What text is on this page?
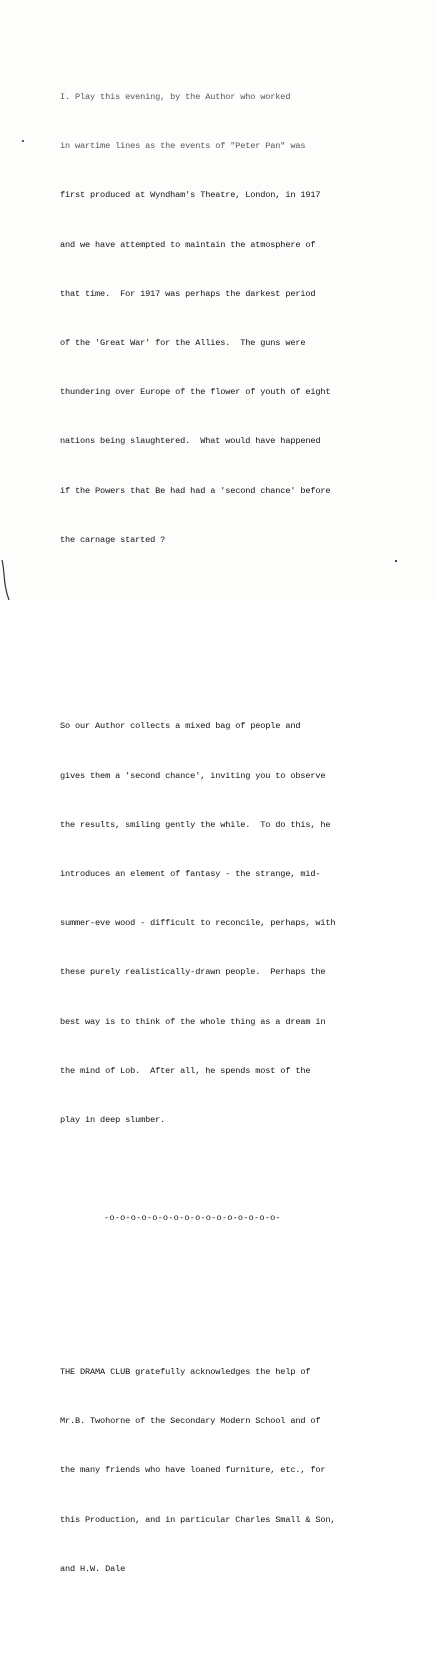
I. Play this evening, by the Author who worked

in wartime lines as the events of "Peter Pan" was

first produced at Wyndham's Theatre, London, in 1917

and we have attempted to maintain the atmosphere of

that time.  For 1917 was perhaps the darkest period

of the 'Great War' for the Allies.  The guns were

thundering over Europe of the flower of youth of eight

nations being slaughtered.  What would have happened

if the Powers that Be had had a 'second chance' before

the carnage started ?

So our Author collects a mixed bag of people and

gives them a 'second chance', inviting you to observe

the results, smiling gently the while.  To do this, he

introduces an element of fantasy - the strange, mid-

summer-eve wood - difficult to reconcile, perhaps, with

these purely realistically-drawn people.  Perhaps the

best way is to think of the whole thing as a dream in

the mind of Lob.  After all, he spends most of the

play in deep slumber.

-o-o-o-o-o-o-o-o-o-o-o-o-o-o-o-o-

THE DRAMA CLUB gratefully acknowledges the help of

Mr.B. Twohorne of the Secondary Modern School and of

the many friends who have loaned furniture, etc., for

this Production, and in particular Charles Small & Son,

and H.W. Dale
